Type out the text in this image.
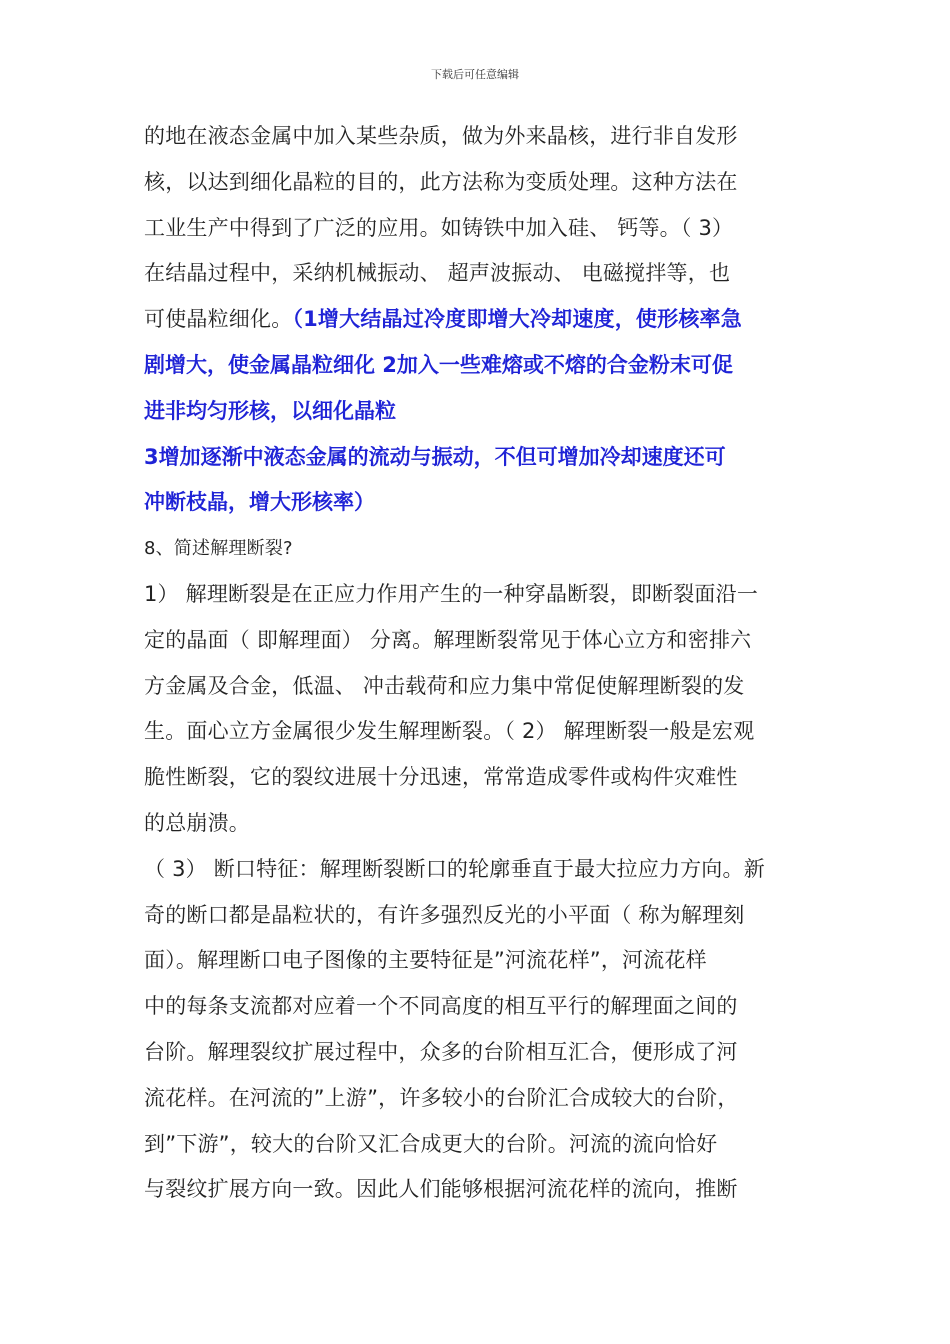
下载后可任意编辑
的地在液态金属中加入某些杂质，做为外来晶核，进行非自发形
核，以达到细化晶粒的目的，此方法称为变质处理。这种方法在
工业生产中得到了广泛的应用。如铸铁中加入硅、 钙等。（ 3）
在结晶过程中，采纳机械振动、 超声波振动、 电磁搅拌等，也
可使晶粒细化。（1增大结晶过冷度即增大冷却速度，使形核率急
剧增大，使金属晶粒细化 2加入一些难熔或不熔的合金粉末可促
进非均匀形核，以细化晶粒
3增加逐渐中液态金属的流动与振动，不但可增加冷却速度还可
冲断枝晶，增大形核率）
8、简述解理断裂?
1） 解理断裂是在正应力作用产生的一种穿晶断裂，即断裂面沿一
定的晶面（ 即解理面） 分离。解理断裂常见于体心立方和密排六
方金属及合金，低温、 冲击载荷和应力集中常促使解理断裂的发
生。面心立方金属很少发生解理断裂。（ 2） 解理断裂一般是宏观
脆性断裂，它的裂纹进展十分迅速，常常造成零件或构件灾难性
的总崩溃。
（ 3） 断口特征：解理断裂断口的轮廓垂直于最大拉应力方向。新
奇的断口都是晶粒状的，有许多强烈反光的小平面（ 称为解理刻
面）。解理断口电子图像的主要特征是”河流花样”，河流花样
中的每条支流都对应着一个不同高度的相互平行的解理面之间的
台阶。解理裂纹扩展过程中，众多的台阶相互汇合，便形成了河
流花样。在河流的”上游”，许多较小的台阶汇合成较大的台阶，
到”下游”，较大的台阶又汇合成更大的台阶。河流的流向恰好
与裂纹扩展方向一致。因此人们能够根据河流花样的流向，推断
